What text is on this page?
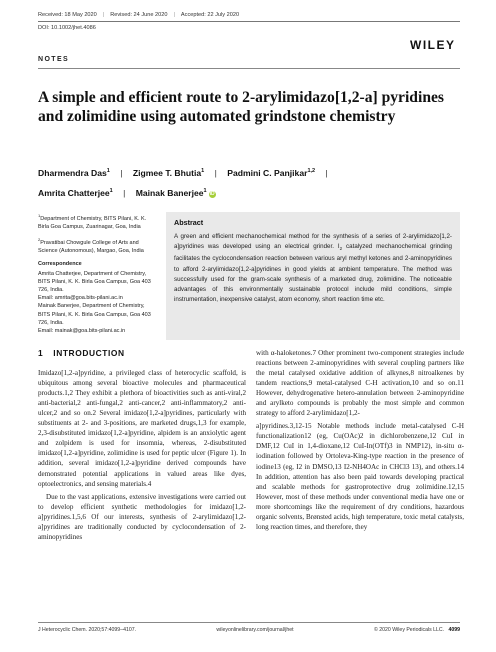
Received: 18 May 2020 | Revised: 24 June 2020 | Accepted: 22 July 2020
DOI: 10.1002/jhet.4086
WILEY
NOTES
A simple and efficient route to 2-arylimidazo[1,2-a] pyridines and zolimidine using automated grindstone chemistry
Dharmendra Das$^1$ | Zigmee T. Bhutia$^1$ | Padmini C. Panjikar$^{1,2}$ |
Amrita Chatterjee$^1$ | Mainak Banerjee$^1$ iD

$^1$Department of Chemistry, BITS Pilani, K. K. Birla Goa Campus, Zuarinagar, Goa, India

$^2$Pravatibai Chowgule College of Arts and Science (Autonomous), Margao, Goa, India

Correspondence
Amrita Chatterjee, Department of Chemistry, BITS Pilani, K. K. Birla Goa Campus, Goa 403 726, India.
Email: amrita@goa.bits-pilani.ac.in
Mainak Banerjee, Department of Chemistry, BITS Pilani, K. K. Birla Goa Campus, Goa 403 726, India.
Email: mainak@goa.bits-pilani.ac.in
Abstract
A green and efficient mechanochemical method for the synthesis of a series of 2-arylimidazo[1,2-a]pyridines was developed using an electrical grinder. $I_2$ catalyzed mechanochemical grinding facilitates the cyclocondensation reaction between various aryl methyl ketones and 2-aminopyridines to afford 2-arylimidazo[1,2-a]pyridines in good yields at ambient temperature. The method was successfully used for the gram-scale synthesis of a marketed drug, zolimidine. The noticeable advantages of this environmentally sustainable protocol include mild conditions, simple instrumentation, inexpensive catalyst, atom economy, short reaction time etc.
1 INTRODUCTION

Imidazo[1,2-a]pyridine, a privileged class of heterocyclic scaffold, is ubiquitous among several bioactive molecules and pharmaceutical products.1,2 They exhibit a plethora of bioactivities such as anti-viral,2 anti-bacterial,2 anti-fungal,2 anti-cancer,2 anti-inflammatory,2 anti-ulcer,2 and so on.2 Several imidazo[1,2-a]pyridines, particularly with substituents at 2- and 3-positions, are marketed drugs,1,3 for example, 2,3-disubstituted imidazo[1,2-a]pyridine, alpidem is an anxiolytic agent and zolpidem is used for insomnia, whereas, 2-disubstituted imidazo[1,2-a]pyridine, zolimidine is used for peptic ulcer (Figure 1). In addition, several imidazo[1,2-a]pyridine derived compounds have demonstrated potential applications in valued areas like dyes, optoelectronics, and sensing materials.4

Due to the vast applications, extensive investigations were carried out to develop efficient synthetic methodologies for imidazo[1,2-a]pyridines.1,5,6 Of our interests, synthesis of 2-arylimidazo[1,2-a]pyridines are traditionally conducted by cyclocondensation of 2-aminopyridines

with α-haloketones.7 Other prominent two-component strategies include reactions between 2-aminopyridines with several coupling partners like the metal catalysed oxidative addition of alkynes,8 nitroalkenes by tandem reactions,9 metal-catalysed C-H activation,10 and so on.11 However, dehydrogenative hetero-annulation between 2-aminopyridine and arylketo compounds is probably the most simple and common strategy to afford 2-arylimidazo[1,2-

a]pyridines.3,12-15 Notable methods include metal-catalysed C-H functionalization12 (eg, Cu(OAc)2 in dichlorobenzene,12 CuI in DMF,12 CuI in 1,4-dioxane,12 CuI-In(OTf)3 in NMP12), in-situ α-iodination followed by Ortoleva-King-type reaction in the presence of iodine13 (eg, I2 in DMSO,13 I2-NH4OAc in CHCl3 13), and others.14 In addition, attention has also been paid towards developing practical and scalable methods for gastroprotective drug zolimidine.12,15 However, most of these methods under conventional media have one or more shortcomings like the requirement of dry conditions, hazardous organic solvents, Brønsted acids, high temperature, toxic metal catalysts, long reaction times, and therefore, they

J Heterocyclic Chem. 2020;57:4099–4107.	wileyonlinelibrary.com/journal/jhet	© 2020 Wiley Periodicals LLC. 4099
